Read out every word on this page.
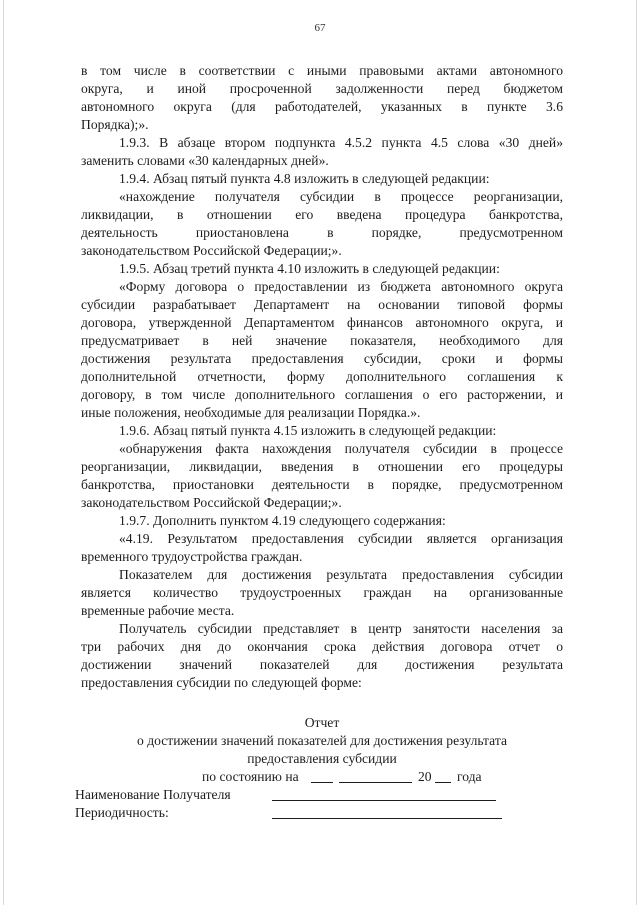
67
в том числе в соответствии с иными правовыми актами автономного
округа, и иной просроченной задолженности перед бюджетом
автономного округа (для работодателей, указанных в пункте 3.6
Порядка);».
1.9.3. В абзаце втором подпункта 4.5.2 пункта 4.5 слова «30 дней»
заменить словами «30 календарных дней».
1.9.4. Абзац пятый пункта 4.8 изложить в следующей редакции:
«нахождение получателя субсидии в процессе реорганизации,
ликвидации, в отношении его введена процедура банкротства,
деятельность приостановлена в порядке, предусмотренном
законодательством Российской Федерации;».
1.9.5. Абзац третий пункта 4.10 изложить в следующей редакции:
«Форму договора о предоставлении из бюджета автономного округа
субсидии разрабатывает Департамент на основании типовой формы
договора, утвержденной Департаментом финансов автономного округа, и
предусматривает в ней значение показателя, необходимого для
достижения результата предоставления субсидии, сроки и формы
дополнительной отчетности, форму дополнительного соглашения к
договору, в том числе дополнительного соглашения о его расторжении, и
иные положения, необходимые для реализации Порядка.».
1.9.6. Абзац пятый пункта 4.15 изложить в следующей редакции:
«обнаружения факта нахождения получателя субсидии в процессе
реорганизации, ликвидации, введения в отношении его процедуры
банкротства, приостановки деятельности в порядке, предусмотренном
законодательством Российской Федерации;».
1.9.7. Дополнить пунктом 4.19 следующего содержания:
«4.19. Результатом предоставления субсидии является организация
временного трудоустройства граждан.
Показателем для достижения результата предоставления субсидии
является количество трудоустроенных граждан на организованные
временные рабочие места.
Получатель субсидии представляет в центр занятости населения за
три рабочих дня до окончания срока действия договора отчет о
достижении значений показателей для достижения результата
предоставления субсидии по следующей форме:
Отчет
о достижении значений показателей для достижения результата
предоставления субсидии
по состоянию на	20 года
Наименование Получателя
Периодичность:
